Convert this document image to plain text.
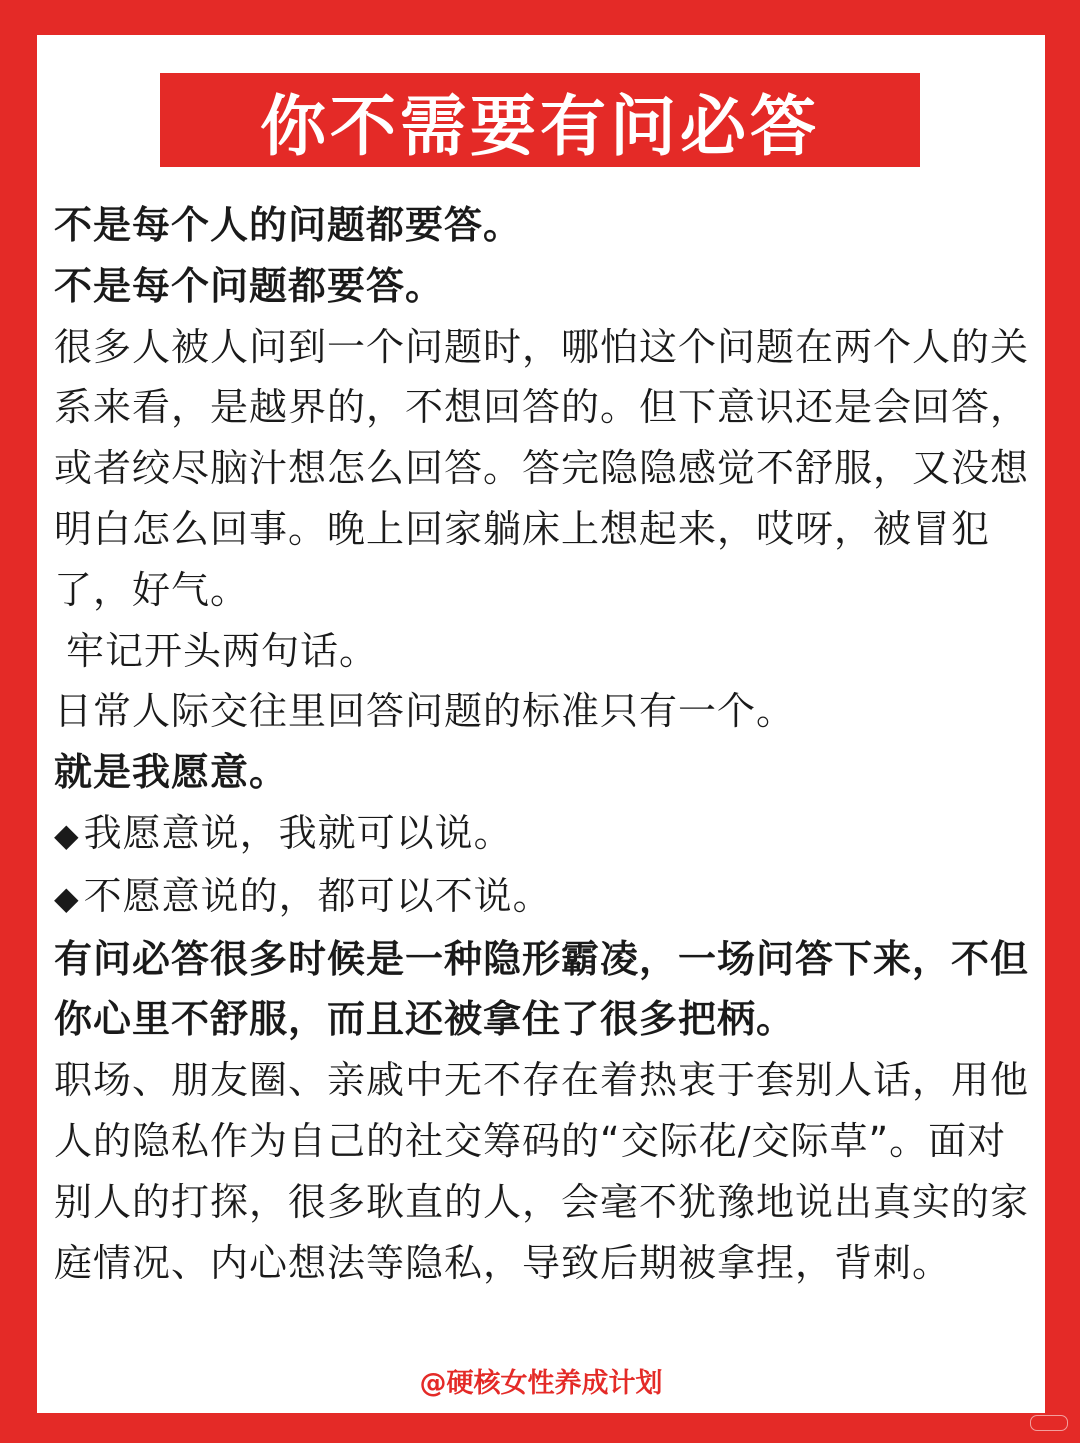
你不需要有问必答

不是每个人的问题都要答。

不是每个问题都要答。

很多人被人问到一个问题时，哪怕这个问题在两个人的关系来看，是越界的，不想回答的。但下意识还是会回答，或者绞尽脑汁想怎么回答。答完隐隐感觉不舒服，又没想明白怎么回事。晚上回家躺床上想起来，哎呀，被冒犯了，好气。

牢记开头两句话。

日常人际交往里回答问题的标准只有一个。

就是我愿意。

◆ 我愿意说，我就可以说。

◆ 不愿意说的，都可以不说。

有问必答很多时候是一种隐形霸凌，一场问答下来，不但你心里不舒服，而且还被拿住了很多把柄。

职场、朋友圈、亲戚中无不存在着热衷于套别人话，用他人的隐私作为自己的社交筹码的“交际花/交际草”。面对别人的打探，很多耿直的人，会毫不犹豫地说出真实的家庭情况、内心想法等隐私，导致后期被拿捏，背刺。

@硬核女性养成计划
